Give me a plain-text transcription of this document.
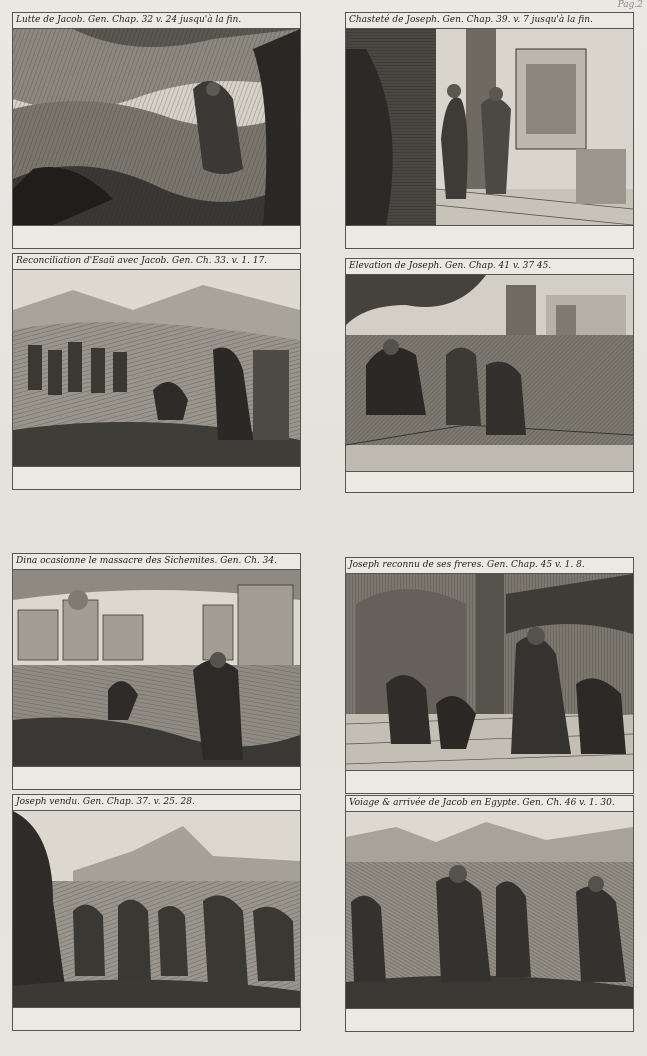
Pag.2
Lutte de Jacob. Gen. Chap. 32 v. 24 jusqu'à la fin.	Chasteté de Joseph. Gen. Chap. 39. v. 7 jusqu'à la fin.
Reconciliation d'Esaü avec Jacob. Gen. Ch. 33. v. 1. 17.	Elevation de Joseph. Gen. Chap. 41 v. 37 45.
Dina ocasionne le massacre des Sichemites. Gen. Ch. 34.	Joseph reconnu de ses freres. Gen. Chap. 45 v. 1. 8.
Joseph vendu. Gen. Chap. 37. v. 25. 28.	Voiage & arrivée de Jacob en Egypte. Gen. Ch. 46 v. 1. 30.
